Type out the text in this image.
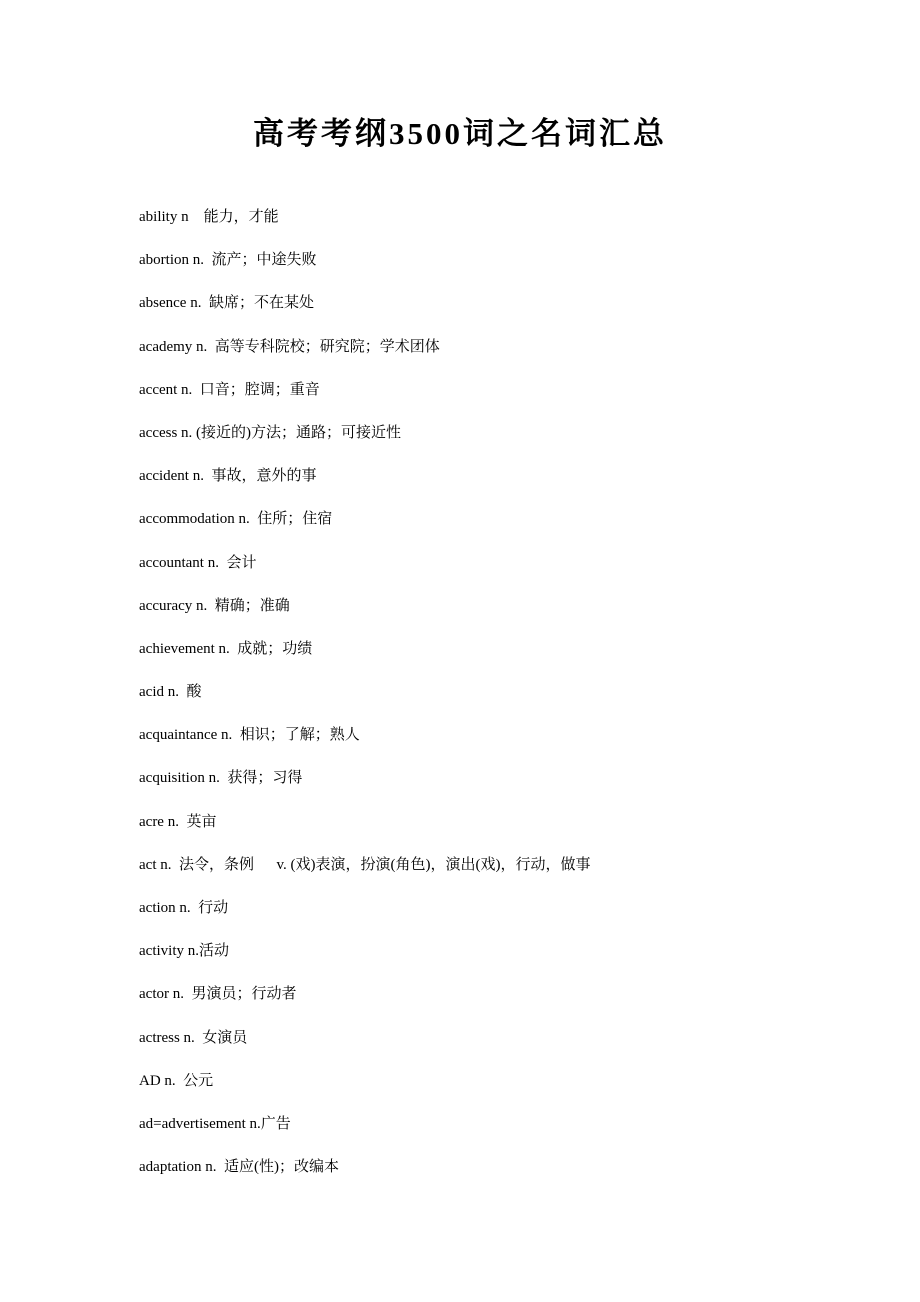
高考考纲3500词之名词汇总
ability n    能力，才能
abortion n.  流产；中途失败
absence n.  缺席；不在某处
academy n.  高等专科院校；研究院；学术团体
accent n.  口音；腔调；重音
access n. (接近的)方法；通路；可接近性
accident n.  事故，意外的事
accommodation n.  住所；住宿
accountant n.  会计
accuracy n.  精确；准确
achievement n.  成就；功绩
acid n.  酸
acquaintance n.  相识；了解；熟人
acquisition n.  获得；习得
acre n.  英亩
act n.  法令，条例      v. (戏)表演，扮演(角色)，演出(戏)，行动，做事
action n.  行动
activity n.活动
actor n.  男演员；行动者
actress n.  女演员
AD n.  公元
ad=advertisement n.广告
adaptation n.  适应(性)；改编本
